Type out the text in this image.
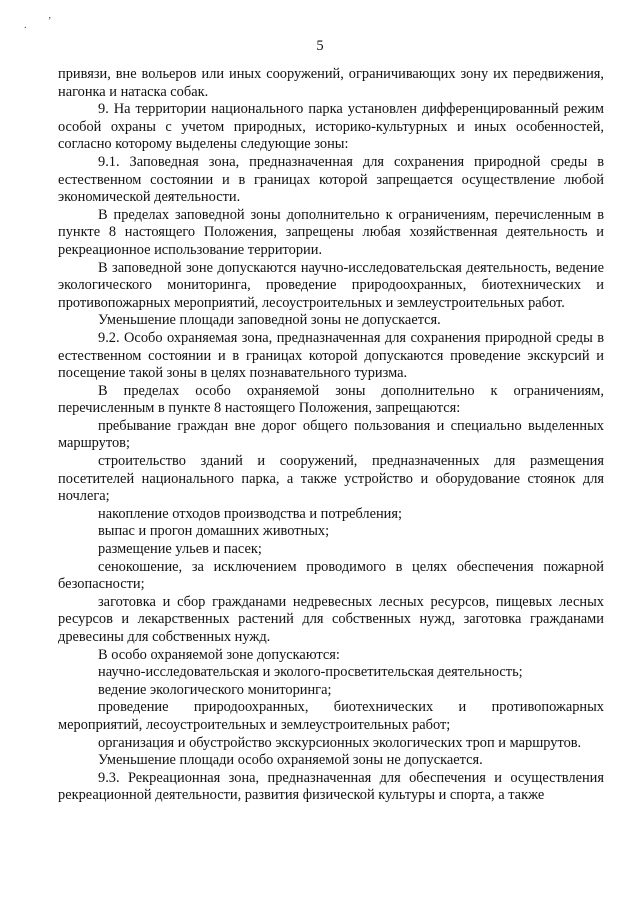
. ’
5

привязи, вне вольеров или иных сооружений, ограничивающих зону их передвижения, нагонка и натаска собак.

9. На территории национального парка установлен дифференцированный режим особой охраны с учетом природных, историко-культурных и иных особенностей, согласно которому выделены следующие зоны:

9.1. Заповедная зона, предназначенная для сохранения природной среды в естественном состоянии и в границах которой запрещается осуществление любой экономической деятельности.

В пределах заповедной зоны дополнительно к ограничениям, перечисленным в пункте 8 настоящего Положения, запрещены любая хозяйственная деятельность и рекреационное использование территории.

В заповедной зоне допускаются научно-исследовательская деятельность, ведение экологического мониторинга, проведение природоохранных, биотехнических и противопожарных мероприятий, лесоустроительных и землеустроительных работ.

Уменьшение площади заповедной зоны не допускается.

9.2. Особо охраняемая зона, предназначенная для сохранения природной среды в естественном состоянии и в границах которой допускаются проведение экскурсий и посещение такой зоны в целях познавательного туризма.

В пределах особо охраняемой зоны дополнительно к ограничениям, перечисленным в пункте 8 настоящего Положения, запрещаются:

пребывание граждан вне дорог общего пользования и специально выделенных маршрутов;

строительство зданий и сооружений, предназначенных для размещения посетителей национального парка, а также устройство и оборудование стоянок для ночлега;

накопление отходов производства и потребления;

выпас и прогон домашних животных;

размещение ульев и пасек;

сенокошение, за исключением проводимого в целях обеспечения пожарной безопасности;

заготовка и сбор гражданами недревесных лесных ресурсов, пищевых лесных ресурсов и лекарственных растений для собственных нужд, заготовка гражданами древесины для собственных нужд.

В особо охраняемой зоне допускаются:

научно-исследовательская и эколого-просветительская деятельность;

ведение экологического мониторинга;

проведение природоохранных, биотехнических и противопожарных мероприятий, лесоустроительных и землеустроительных работ;

организация и обустройство экскурсионных экологических троп и маршрутов.

Уменьшение площади особо охраняемой зоны не допускается.

9.3. Рекреационная зона, предназначенная для обеспечения и осуществления рекреационной деятельности, развития физической культуры и спорта, а также
